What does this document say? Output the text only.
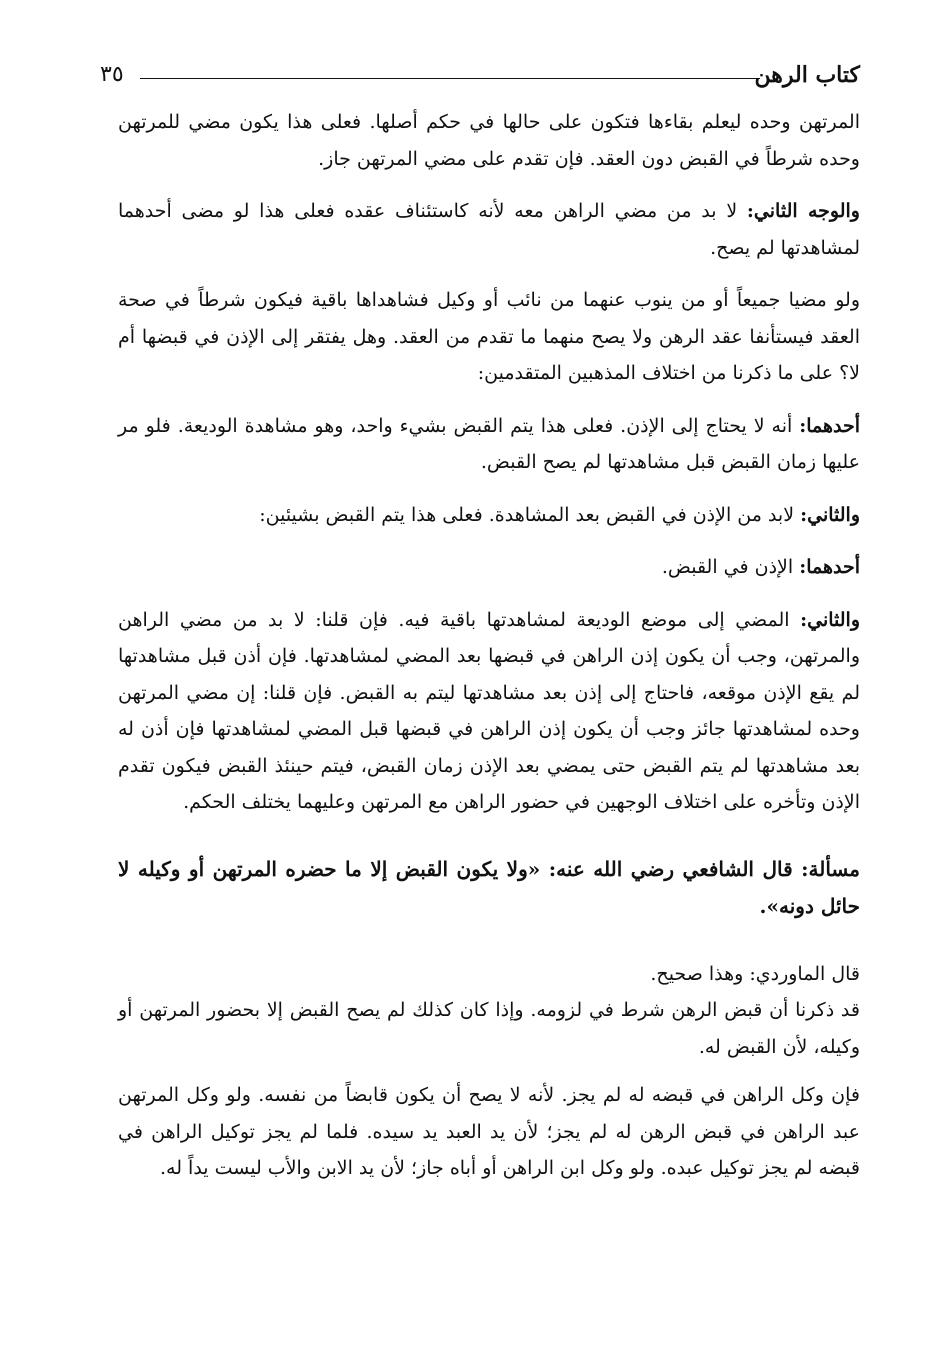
٣٥	كتاب الرهن

المرتهن وحده ليعلم بقاءها فتكون على حالها في حكم أصلها. فعلى هذا يكون مضي للمرتهن وحده شرطاً في القبض دون العقد. فإن تقدم على مضي المرتهن جاز.

والوجه الثاني: لا بد من مضي الراهن معه لأنه كاستئناف عقده فعلى هذا لو مضى أحدهما لمشاهدتها لم يصح.

ولو مضيا جميعاً أو من ينوب عنهما من نائب أو وكيل فشاهداها باقية فيكون شرطاً في صحة العقد فيستأنفا عقد الرهن ولا يصح منهما ما تقدم من العقد. وهل يفتقر إلى الإذن في قبضها أم لا؟ على ما ذكرنا من اختلاف المذهبين المتقدمين:

أحدهما: أنه لا يحتاج إلى الإذن. فعلى هذا يتم القبض بشيء واحد، وهو مشاهدة الوديعة. فلو مر عليها زمان القبض قبل مشاهدتها لم يصح القبض.

والثاني: لابد من الإذن في القبض بعد المشاهدة. فعلى هذا يتم القبض بشيئين:

أحدهما: الإذن في القبض.

والثاني: المضي إلى موضع الوديعة لمشاهدتها باقية فيه. فإن قلنا: لا بد من مضي الراهن والمرتهن، وجب أن يكون إذن الراهن في قبضها بعد المضي لمشاهدتها. فإن أذن قبل مشاهدتها لم يقع الإذن موقعه، فاحتاج إلى إذن بعد مشاهدتها ليتم به القبض. فإن قلنا: إن مضي المرتهن وحده لمشاهدتها جائز وجب أن يكون إذن الراهن في قبضها قبل المضي لمشاهدتها فإن أذن له بعد مشاهدتها لم يتم القبض حتى يمضي بعد الإذن زمان القبض، فيتم حينئذ القبض فيكون تقدم الإذن وتأخره على اختلاف الوجهين في حضور الراهن مع المرتهن وعليهما يختلف الحكم.

مسألة: قال الشافعي رضي الله عنه: «ولا يكون القبض إلا ما حضره المرتهن أو وكيله لا حائل دونه».

قال الماوردي: وهذا صحيح.

قد ذكرنا أن قبض الرهن شرط في لزومه. وإذا كان كذلك لم يصح القبض إلا بحضور المرتهن أو وكيله، لأن القبض له.

فإن وكل الراهن في قبضه له لم يجز. لأنه لا يصح أن يكون قابضاً من نفسه. ولو وكل المرتهن عبد الراهن في قبض الرهن له لم يجز؛ لأن يد العبد يد سيده. فلما لم يجز توكيل الراهن في قبضه لم يجز توكيل عبده. ولو وكل ابن الراهن أو أباه جاز؛ لأن يد الابن والأب ليست يداً له.
